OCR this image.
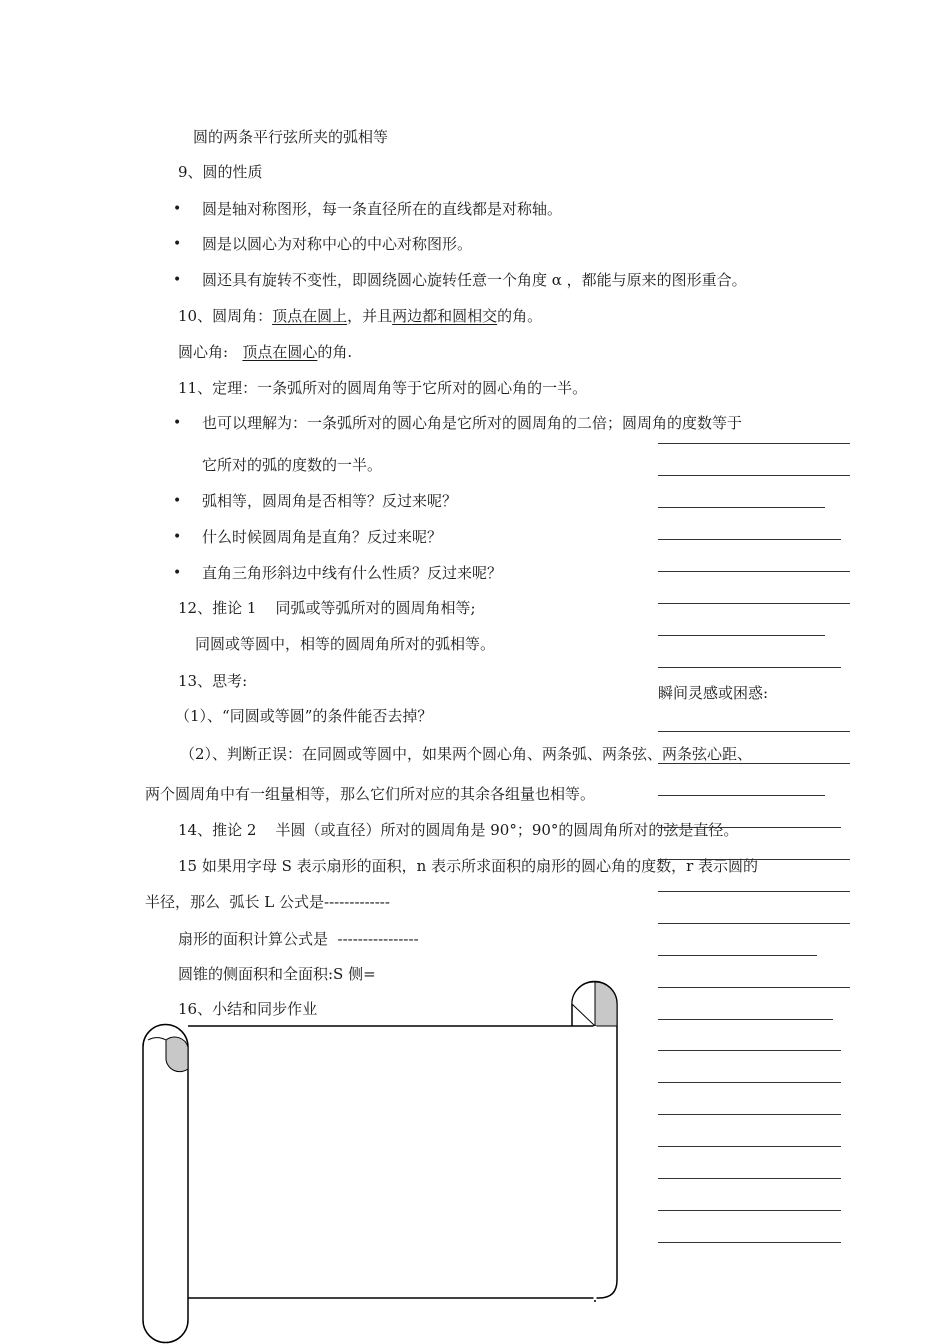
圆的两条平行弦所夹的弧相等
9、圆的性质
• 圆是轴对称图形，每一条直径所在的直线都是对称轴。
• 圆是以圆心为对称中心的中心对称图形。
• 圆还具有旋转不变性，即圆绕圆心旋转任意一个角度 α ，都能与原来的图形重合。
10、圆周角：顶点在圆上，并且两边都和圆相交的角。
圆心角:   顶点在圆心的角.
11、定理：一条弧所对的圆周角等于它所对的圆心角的一半。
• 也可以理解为：一条弧所对的圆心角是它所对的圆周角的二倍；圆周角的度数等于
它所对的弧的度数的一半。
• 弧相等，圆周角是否相等？反过来呢？
• 什么时候圆周角是直角？反过来呢？
• 直角三角形斜边中线有什么性质？反过来呢？
12、推论 1    同弧或等弧所对的圆周角相等;
同圆或等圆中，相等的圆周角所对的弧相等。
13、思考:
（1）、“同圆或等圆”的条件能否去掉？
（2）、判断正误：在同圆或等圆中，如果两个圆心角、两条弧、两条弦、两条弦心距、
两个圆周角中有一组量相等，那么它们所对应的其余各组量也相等。
14、推论 2    半圆（或直径）所对的圆周角是 90°；90°的圆周角所对的弦是直径。
15 如果用字母 S 表示扇形的面积，n 表示所求面积的扇形的圆心角的度数，r 表示圆的
半径，那么  弧长 L 公式是-------------
扇形的面积计算公式是  ----------------
圆锥的侧面积和全面积:S 侧=
16、小结和同步作业
瞬间灵感或困惑:
